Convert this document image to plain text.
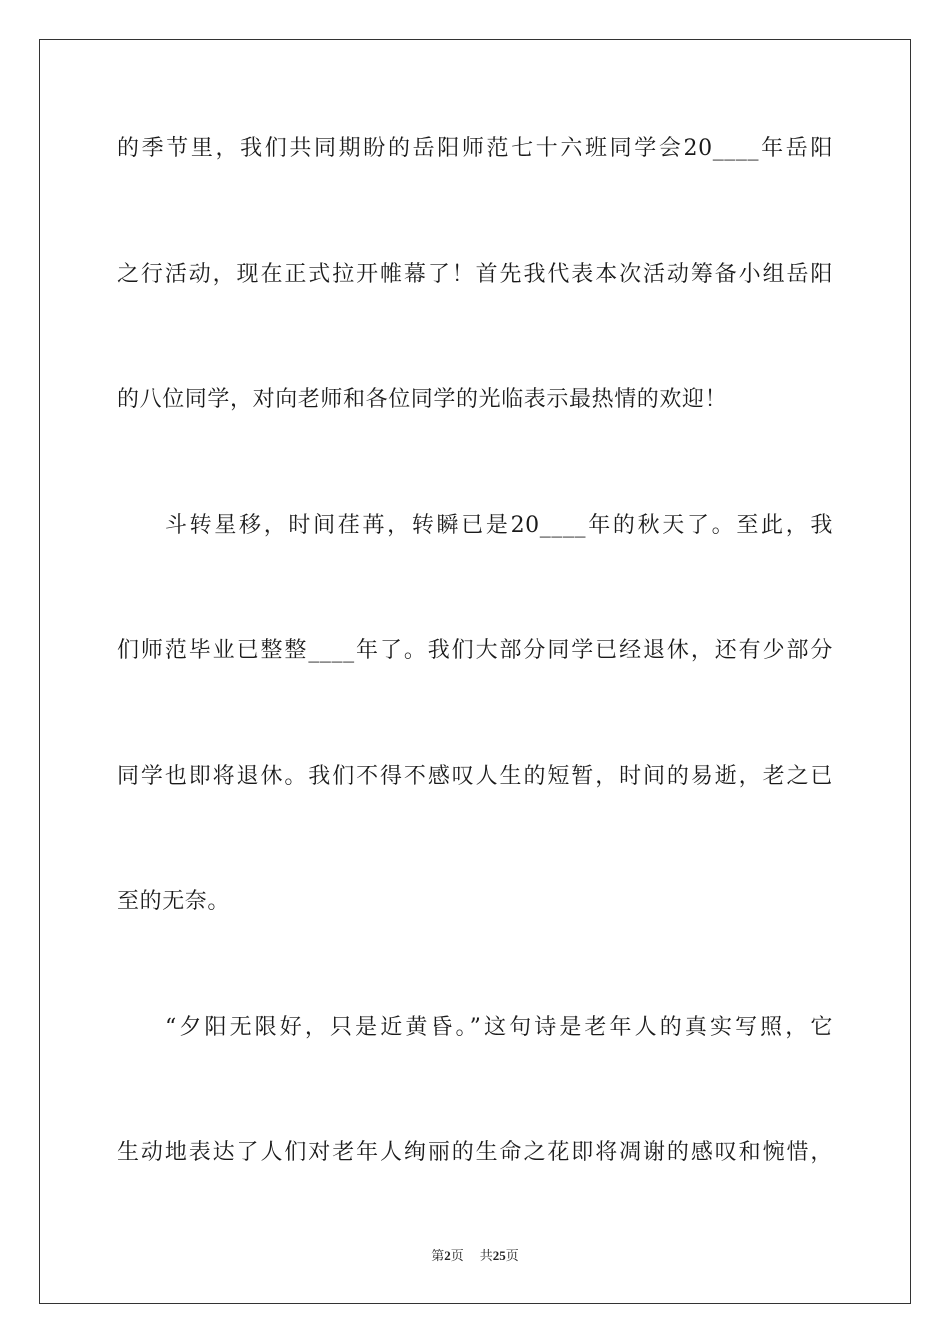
的季节里，我们共同期盼的岳阳师范七十六班同学会20____年岳阳
之行活动，现在正式拉开帷幕了！首先我代表本次活动筹备小组岳阳
的八位同学，对向老师和各位同学的光临表示最热情的欢迎！
斗转星移，时间荏苒，转瞬已是20____年的秋天了。至此，我
们师范毕业已整整____年了。我们大部分同学已经退休，还有少部分
同学也即将退休。我们不得不感叹人生的短暂，时间的易逝，老之已
至的无奈。
“夕阳无限好，只是近黄昏。”这句诗是老年人的真实写照，它
生动地表达了人们对老年人绚丽的生命之花即将凋谢的感叹和惋惜，
第2页 共25页
